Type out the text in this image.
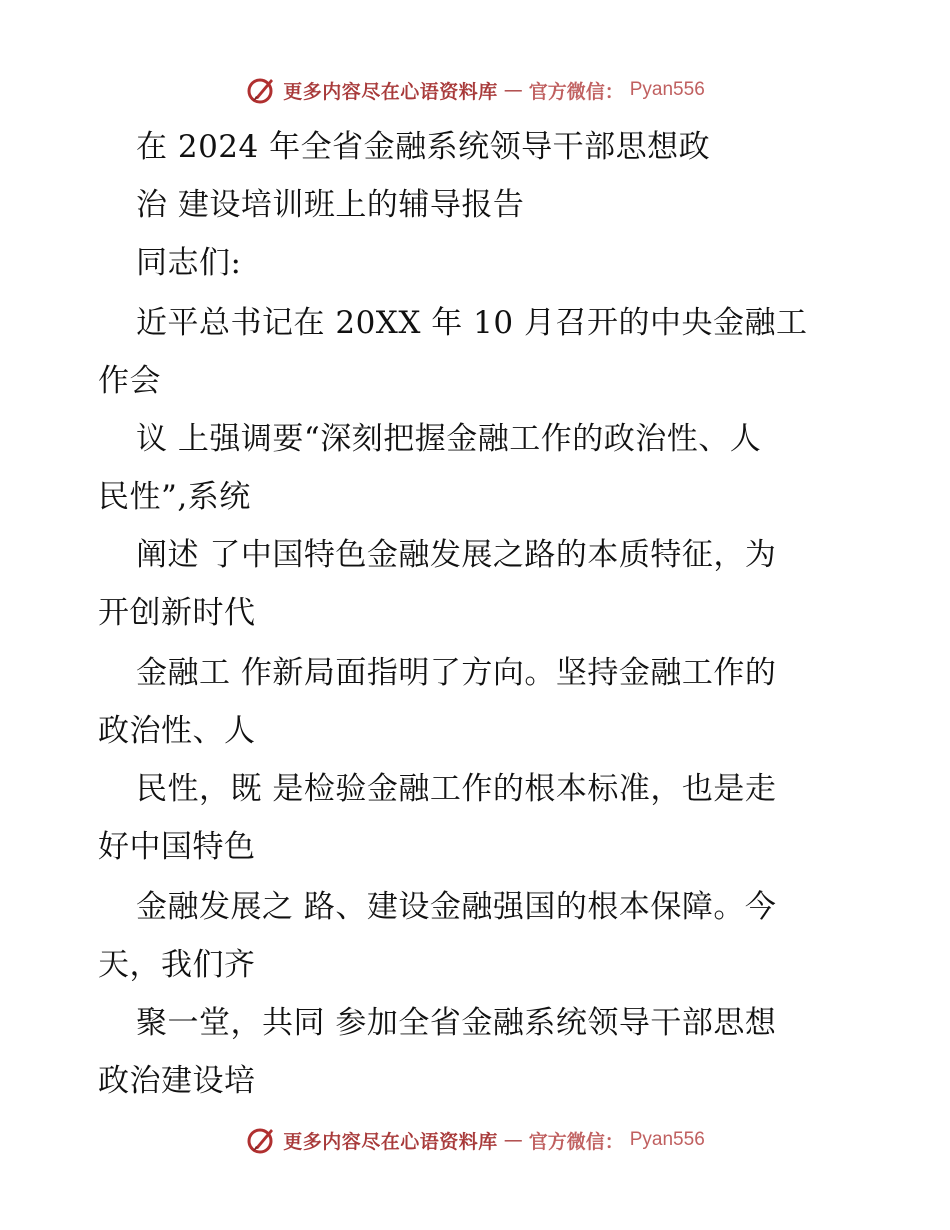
更多内容尽在心语资料库 — 官方微信： Pyan556
在 2024 年全省金融系统领导干部思想政
治 建设培训班上的辅导报告
同志们:
近平总书记在 20XX 年 10 月召开的中央金融工
作会
议 上强调要“深刻把握金融工作的政治性、人
民性”,系统
阐述 了中国特色金融发展之路的本质特征，为
开创新时代
金融工 作新局面指明了方向。坚持金融工作的
政治性、人
民性，既 是检验金融工作的根本标准，也是走
好中国特色
金融发展之 路、建设金融强国的根本保障。今
天，我们齐
聚一堂，共同 参加全省金融系统领导干部思想
政治建设培
更多内容尽在心语资料库 — 官方微信： Pyan556
